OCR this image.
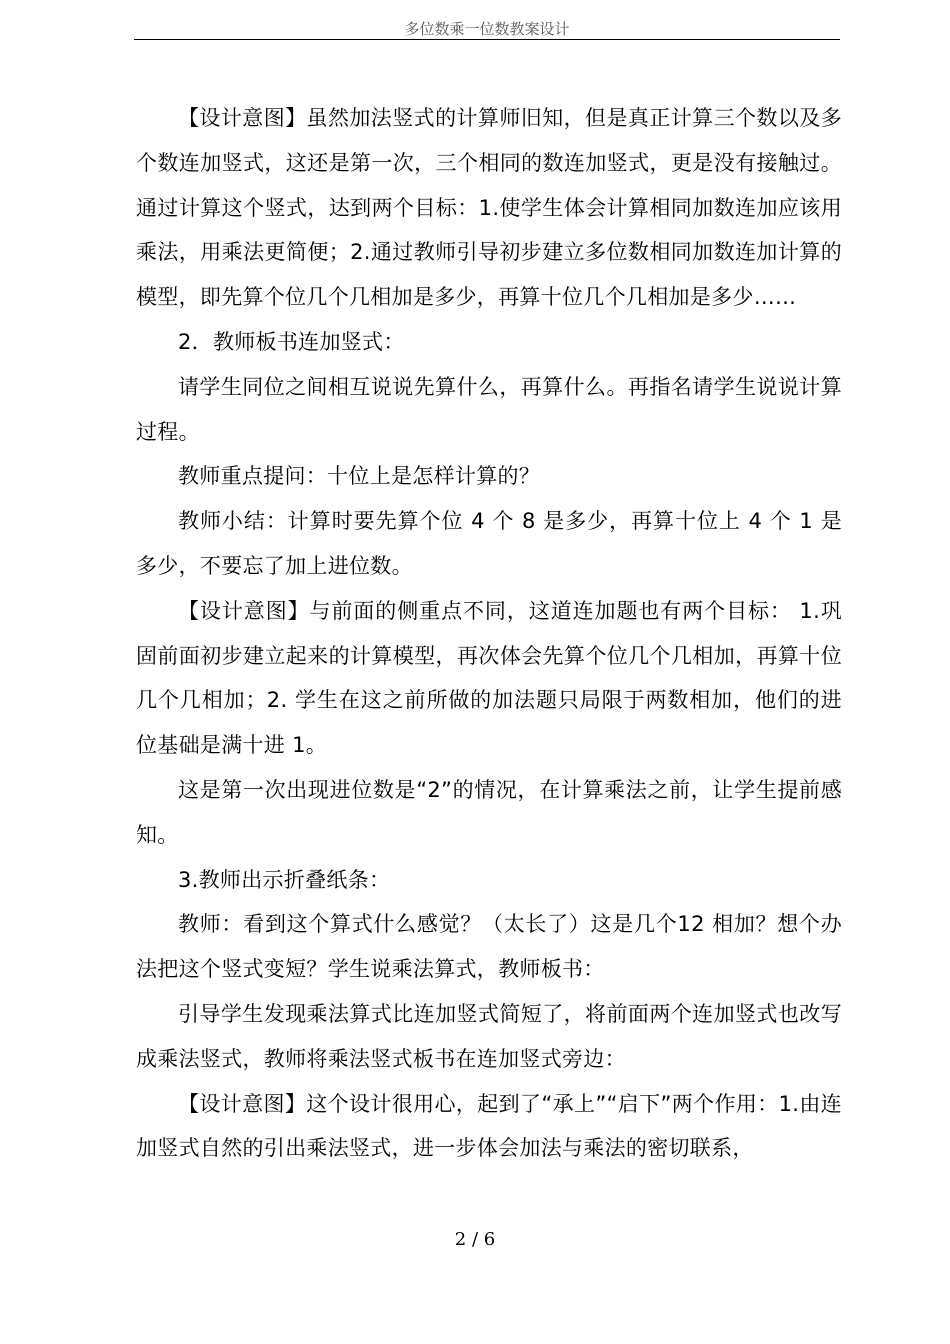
多位数乘一位数教案设计

【设计意图】虽然加法竖式的计算师旧知，但是真正计算三个数以及多个数连加竖式，这还是第一次，三个相同的数连加竖式，更是没有接触过。通过计算这个竖式，达到两个目标：1.使学生体会计算相同加数连加应该用乘法，用乘法更简便；2.通过教师引导初步建立多位数相同加数连加计算的模型，即先算个位几个几相加是多少，再算十位几个几相加是多少……

2．教师板书连加竖式：

请学生同位之间相互说说先算什么，再算什么。再指名请学生说说计算过程。

教师重点提问：十位上是怎样计算的？

教师小结：计算时要先算个位 4 个 8 是多少，再算十位上 4 个 1 是多少，不要忘了加上进位数。

【设计意图】与前面的侧重点不同，这道连加题也有两个目标： 1.巩固前面初步建立起来的计算模型，再次体会先算个位几个几相加，再算十位几个几相加；2. 学生在这之前所做的加法题只局限于两数相加，他们的进位基础是满十进 1。

这是第一次出现进位数是“2”的情况，在计算乘法之前，让学生提前感知。

3.教师出示折叠纸条：

教师：看到这个算式什么感觉？（太长了）这是几个12 相加？想个办法把这个竖式变短？学生说乘法算式，教师板书：

引导学生发现乘法算式比连加竖式简短了，将前面两个连加竖式也改写成乘法竖式，教师将乘法竖式板书在连加竖式旁边：

【设计意图】这个设计很用心，起到了“承上”“启下”两个作用：1.由连加竖式自然的引出乘法竖式，进一步体会加法与乘法的密切联系，

2 / 6
